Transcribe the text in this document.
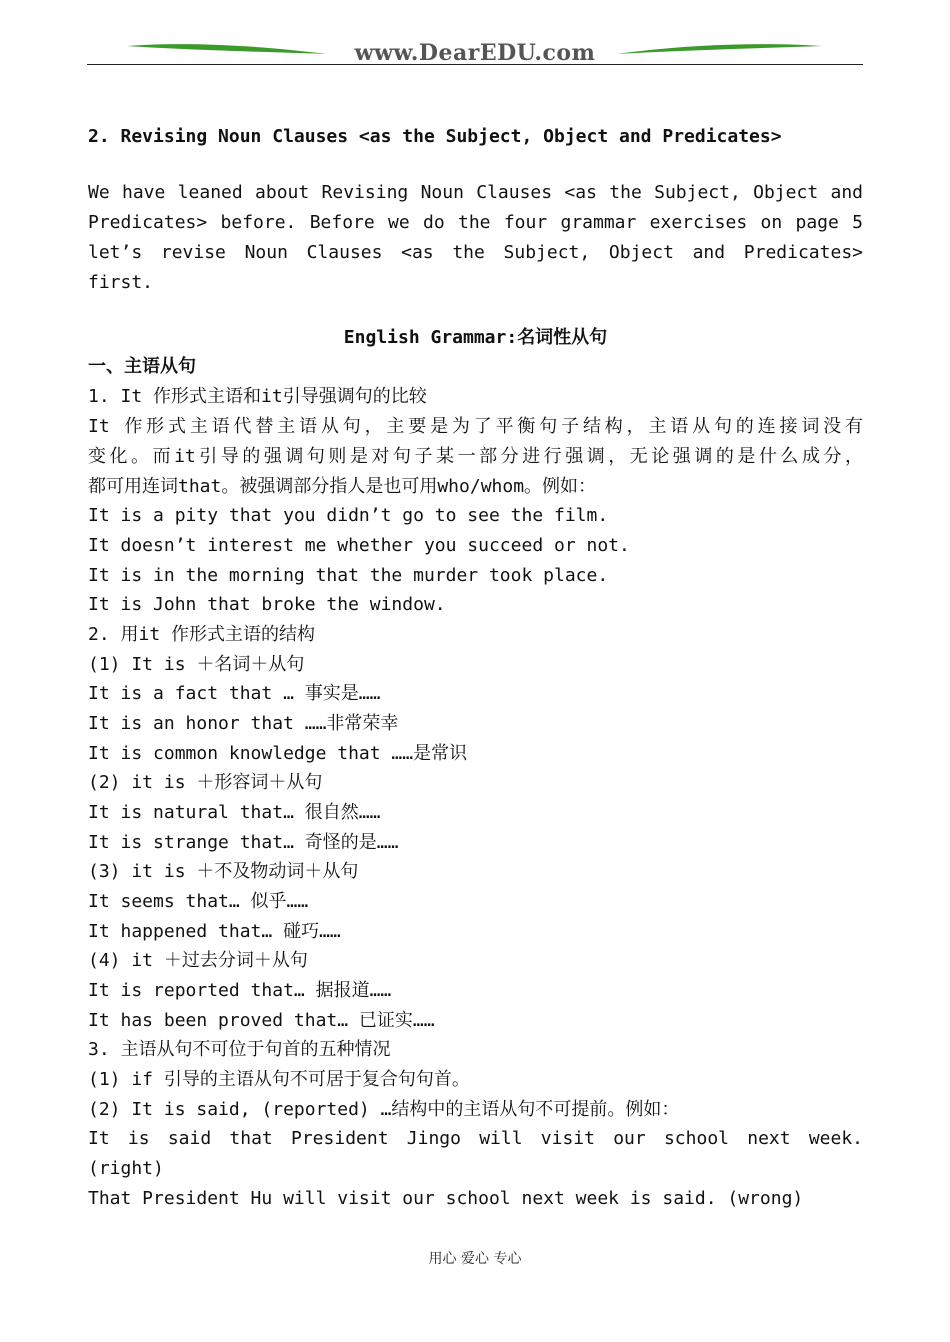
www.DearEDU.com
2. Revising Noun Clauses <as the Subject, Object and Predicates>
We have leaned about Revising Noun Clauses <as the Subject, Object and
Predicates> before. Before we do the four grammar exercises on page 5
let’s revise Noun Clauses <as the Subject, Object and Predicates>
first.
English Grammar:名词性从句
一、主语从句
1. It 作形式主语和it引导强调句的比较
It 作形式主语代替主语从句，主要是为了平衡句子结构，主语从句的连接词没有
变化。而it引导的强调句则是对句子某一部分进行强调，无论强调的是什么成分，
都可用连词that。被强调部分指人是也可用who/whom。例如：
It is a pity that you didn’t go to see the film.
It doesn’t interest me whether you succeed or not.
It is in the morning that the murder took place.
It is John that broke the window.
2. 用it 作形式主语的结构
(1) It is ＋名词＋从句
It is a fact that … 事实是……
It is an honor that ……非常荣幸
It is common knowledge that ……是常识
(2) it is ＋形容词＋从句
It is natural that… 很自然……
It is strange that… 奇怪的是……
(3) it is ＋不及物动词＋从句
It seems that… 似乎……
It happened that… 碰巧……
(4) it ＋过去分词＋从句
It is reported that… 据报道……
It has been proved that… 已证实……
3. 主语从句不可位于句首的五种情况
(1) if 引导的主语从句不可居于复合句句首。
(2) It is said, (reported) …结构中的主语从句不可提前。例如：
It is said that President Jingo will visit our school next week.
(right)
That President Hu will visit our school next week is said. (wrong)
用心 爱心 专心
